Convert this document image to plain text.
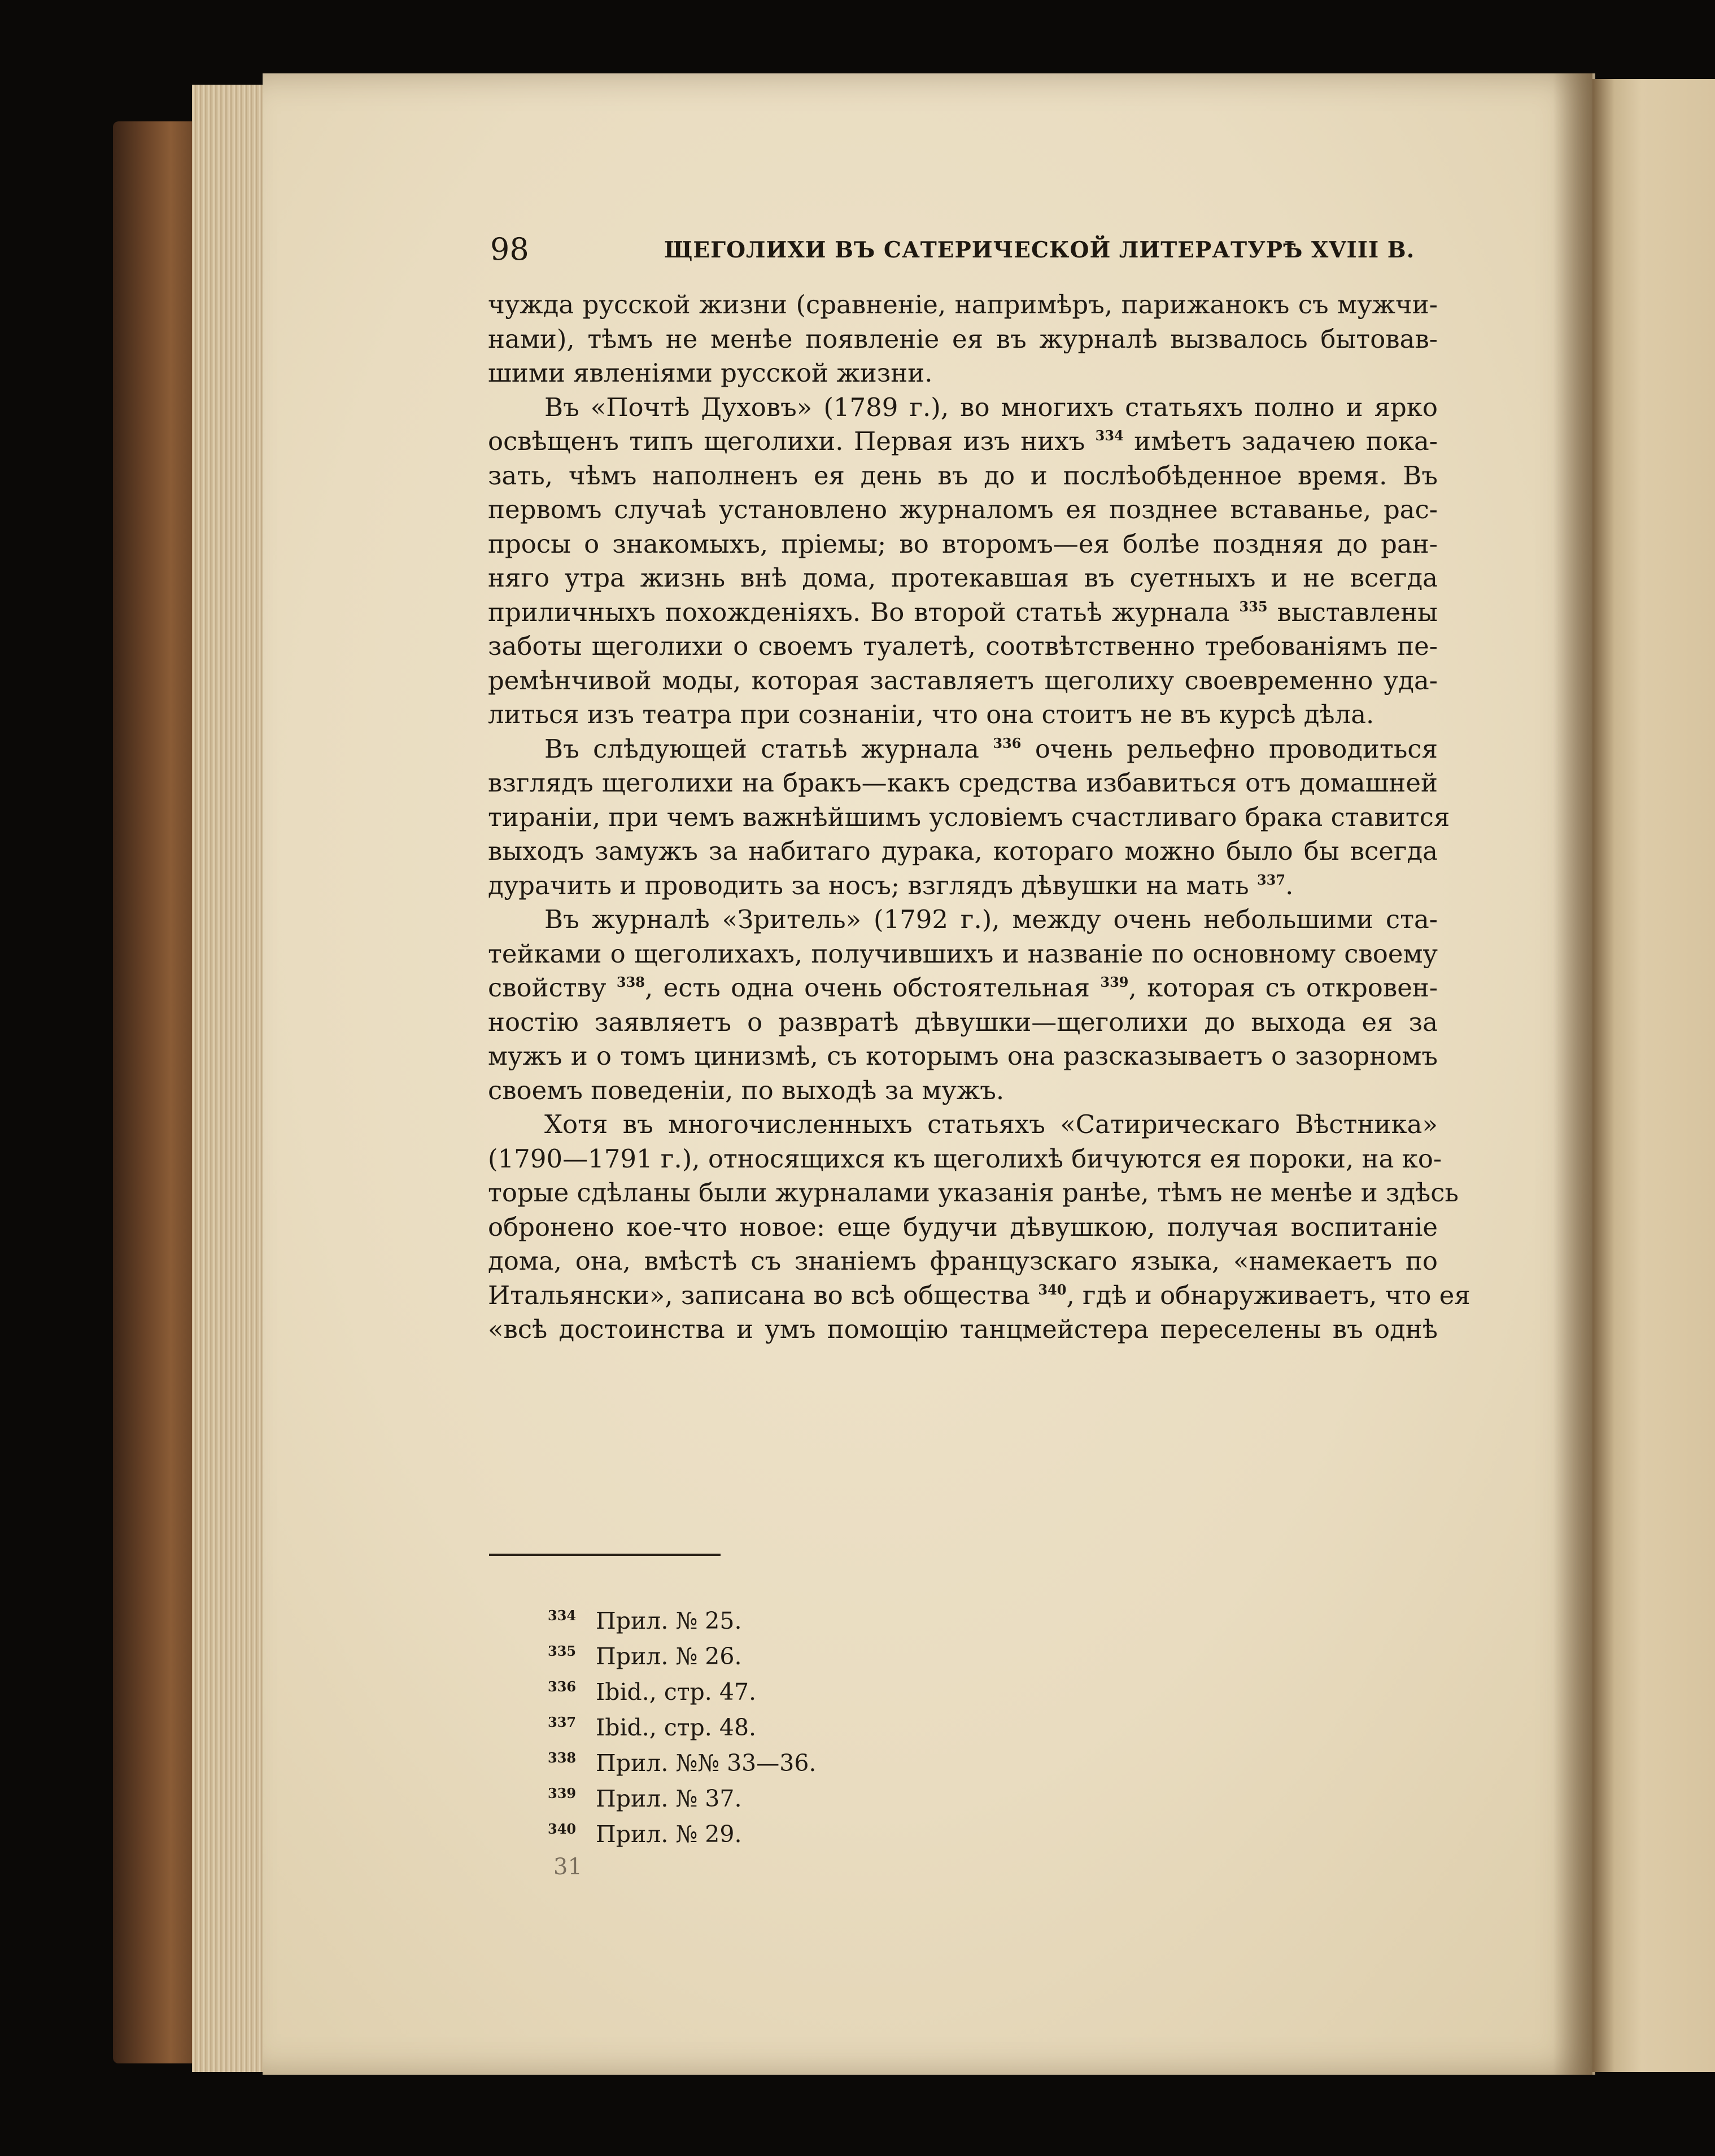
98	ЩЕГОЛИХИ ВЪ САТЕРИЧЕСКОЙ ЛИТЕРАТУРѢ XVIII В.
чужда русской жизни (сравненіе, напримѣръ, парижанокъ съ мужчи-
нами), тѣмъ не менѣе появленіе ея въ журналѣ вызвалось бытовав-
шими явленіями русской жизни.
Въ «Почтѣ Духовъ» (1789 г.), во многихъ статьяхъ полно и ярко
освѣщенъ типъ щеголихи. Первая изъ нихъ $^{334}$ имѣетъ задачею пока-
зать, чѣмъ наполненъ ея день въ до и послѣобѣденное время. Въ
первомъ случаѣ установлено журналомъ ея позднее вставанье, рас-
просы о знакомыхъ, пріемы; во второмъ—ея болѣе поздняя до ран-
няго утра жизнь внѣ дома, протекавшая въ суетныхъ и не всегда
приличныхъ похожденіяхъ. Во второй статьѣ журнала $^{335}$ выставлены
заботы щеголихи о своемъ туалетѣ, соотвѣтственно требованіямъ пе-
ремѣнчивой моды, которая заставляетъ щеголиху своевременно уда-
литься изъ театра при сознаніи, что она стоитъ не въ курсѣ дѣла.
Въ слѣдующей статьѣ журнала $^{336}$ очень рельефно проводиться
взглядъ щеголихи на бракъ—какъ средства избавиться отъ домашней
тираніи, при чемъ важнѣйшимъ условіемъ счастливаго брака ставится
выходъ замужъ за набитаго дурака, котораго можно было бы всегда
дурачить и проводить за носъ; взглядъ дѣвушки на мать $^{337}$.
Въ журналѣ «Зритель» (1792 г.), между очень небольшими ста-
тейками о щеголихахъ, получившихъ и названіе по основному своему
свойству $^{338}$, есть одна очень обстоятельная $^{339}$, которая съ откровен-
ностію заявляетъ о развратѣ дѣвушки—щеголихи до выхода ея за
мужъ и о томъ цинизмѣ, съ которымъ она разсказываетъ о зазорномъ
своемъ поведеніи, по выходѣ за мужъ.
Хотя въ многочисленныхъ статьяхъ «Сатирическаго Вѣстника»
(1790—1791 г.), относящихся къ щеголихѣ бичуются ея пороки, на ко-
торые сдѣланы были журналами указанія ранѣе, тѣмъ не менѣе и здѣсь
обронено кое-что новое: еще будучи дѣвушкою, получая воспитаніе
дома, она, вмѣстѣ съ знаніемъ французскаго языка, «намекаетъ по
Итальянски», записана во всѣ общества $^{340}$, гдѣ и обнаруживаетъ, что ея
«всѣ достоинства и умъ помощію танцмейстера переселены въ однѣ
334 Прил. № 25.
335 Прил. № 26.
336 Ibid., стр. 47.
337 Ibid., стр. 48.
338 Прил. №№ 33—36.
339 Прил. № 37.
340 Прил. № 29.
31
